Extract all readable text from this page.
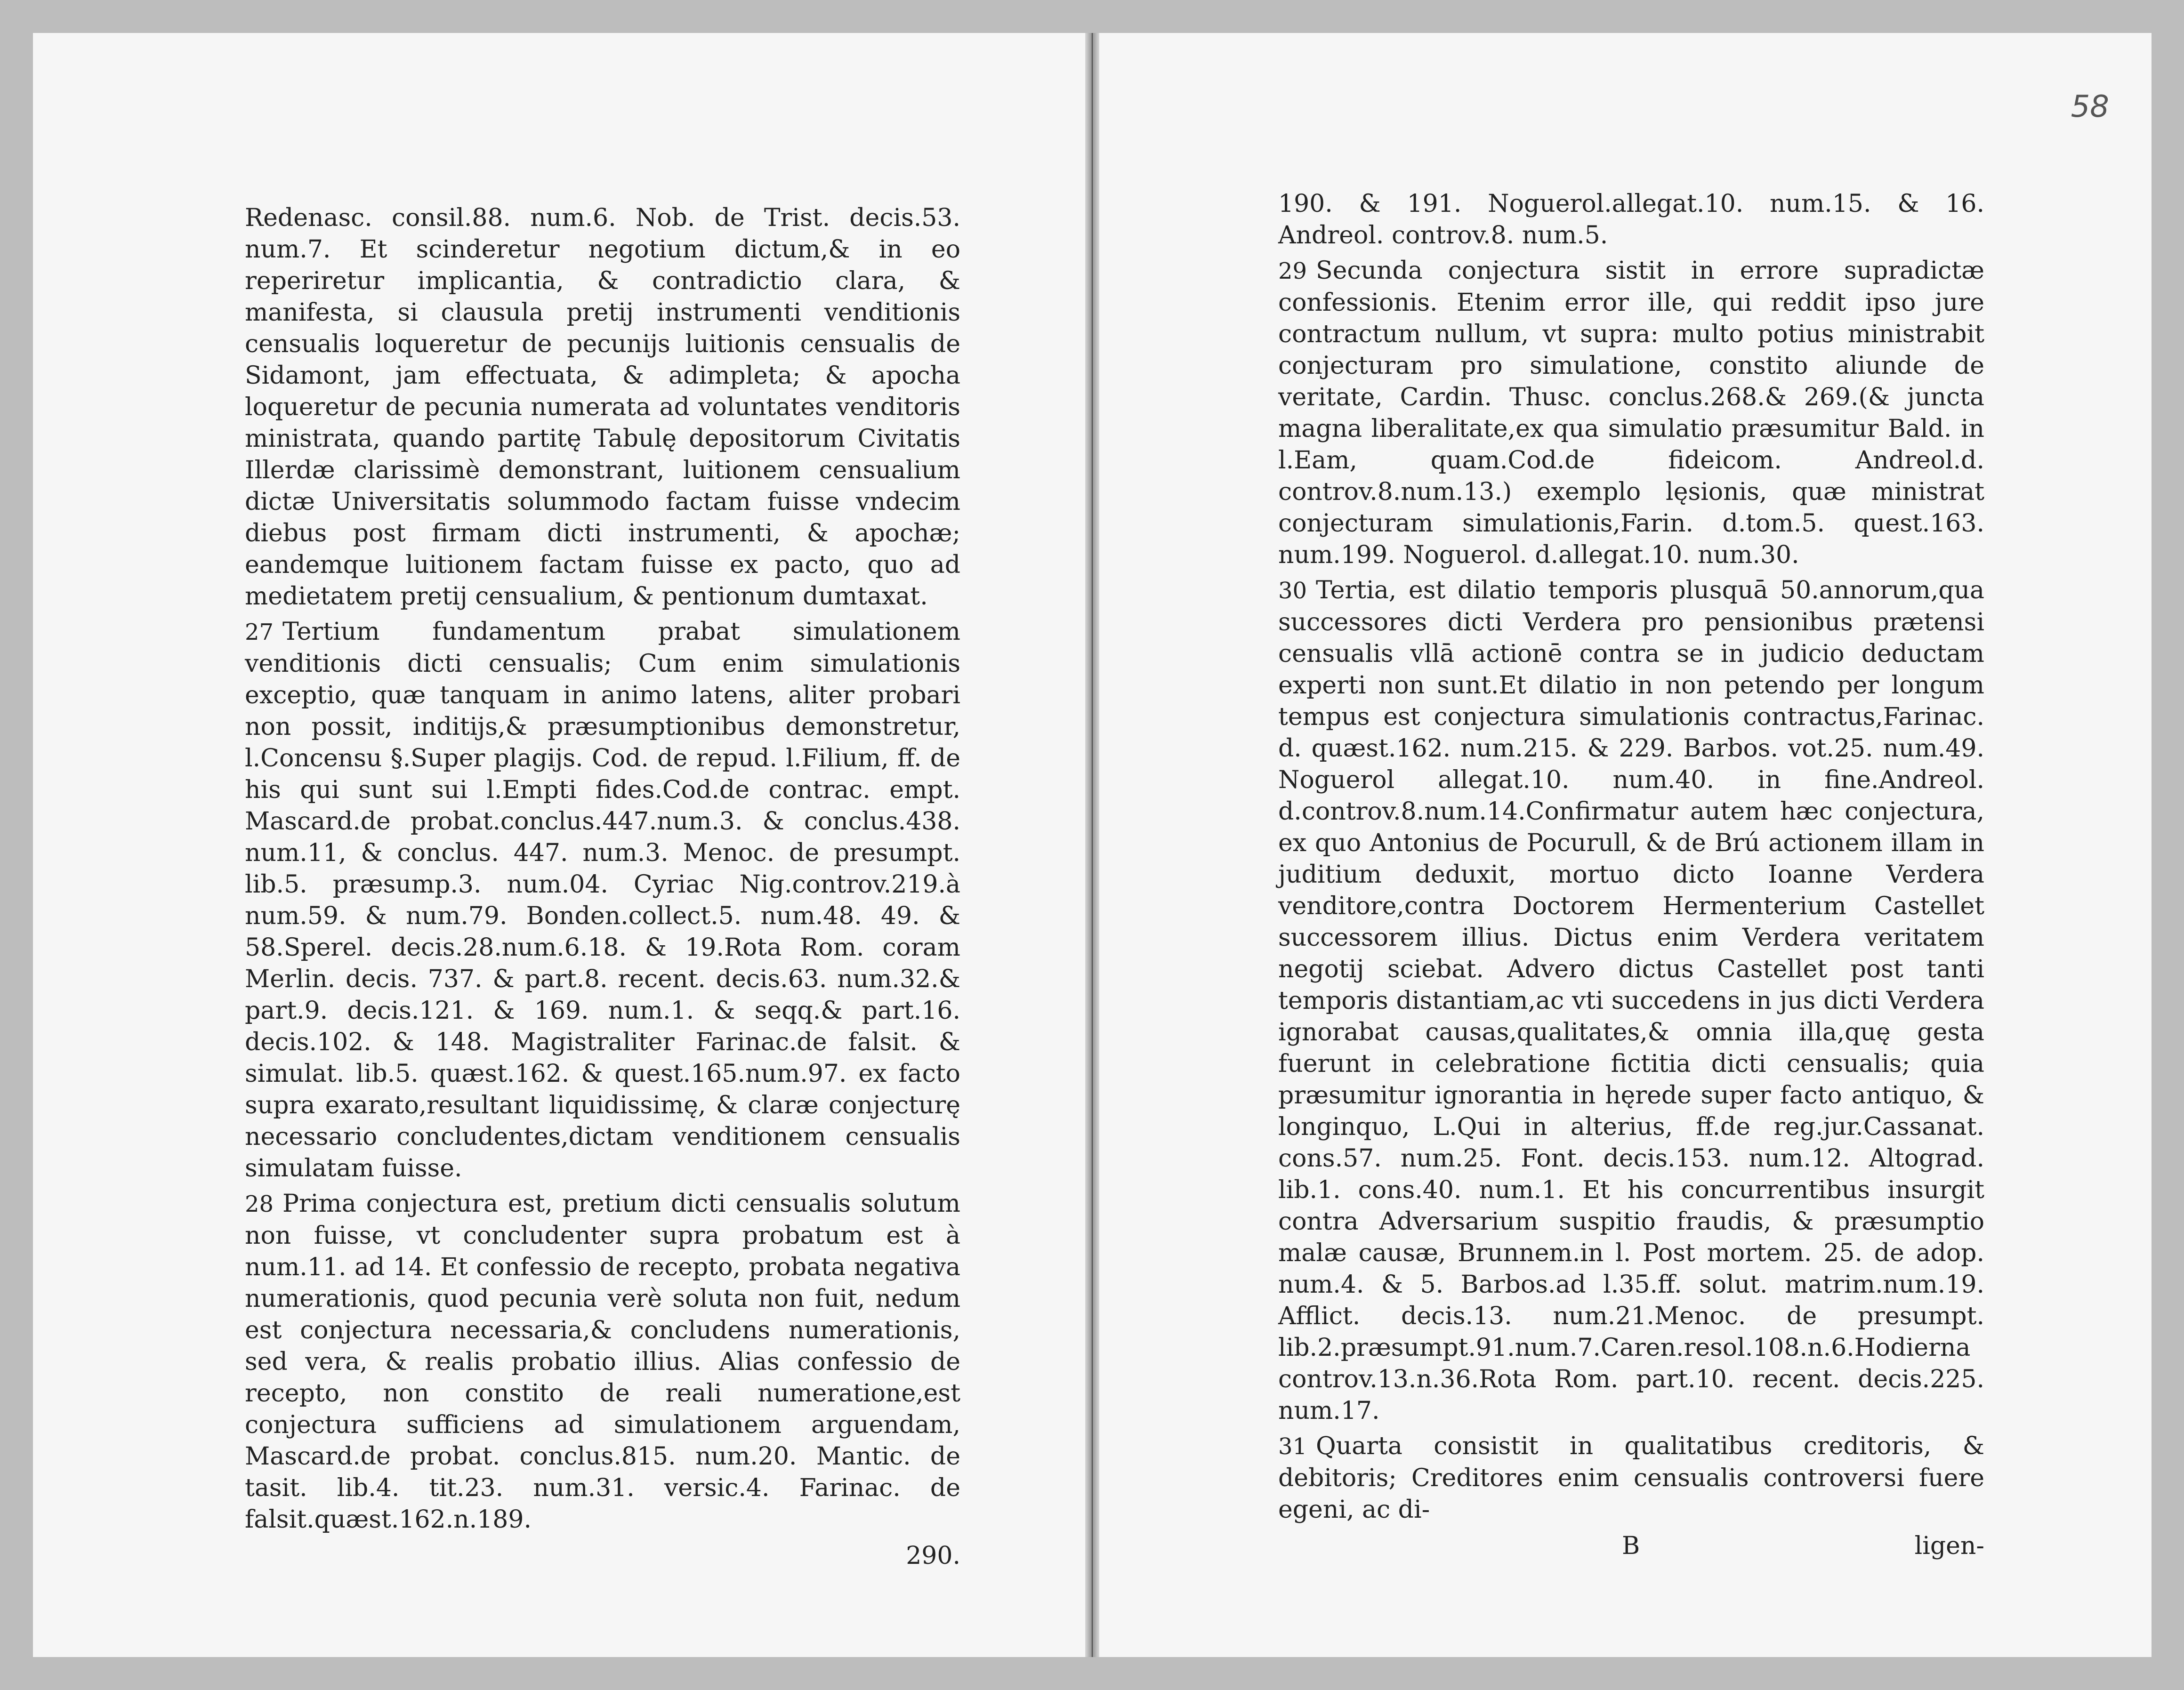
Redenasc. consil.88. num.6. Nob. de Trist. decis.53. num.7. Et scinderetur negotium dictum,& in eo reperiretur implicantia, & contradictio clara, & manifesta, si clausula pretij instrumenti venditionis censualis loqueretur de pecunijs luitionis censualis de Sidamont, jam effectuata, & adimpleta; & apocha loqueretur de pecunia numerata ad voluntates venditoris ministrata, quando partitę Tabulę depositorum Civitatis Illerdæ clarissimè demonstrant, luitionem censualium dictæ Universitatis solummodo factam fuisse vndecim diebus post firmam dicti instrumenti, & apochæ; eandemque luitionem factam fuisse ex pacto, quo ad medietatem pretij censualium, & pentionum dumtaxat.

27 Tertium fundamentum prabat simulationem venditionis dicti censualis; Cum enim simulationis exceptio, quæ tanquam in animo latens, aliter probari non possit, inditijs,& præsumptionibus demonstretur, l.Concensu §.Super plagijs. Cod. de repud. l.Filium, ff. de his qui sunt sui l.Empti fides.Cod.de contrac. empt. Mascard.de probat.conclus.447.num.3. & conclus.438. num.11, & conclus. 447. num.3. Menoc. de presumpt. lib.5. præsump.3. num.04. Cyriac Nig.controv.219.à num.59. & num.79. Bonden.collect.5. num.48. 49. & 58.Sperel. decis.28.num.6.18. & 19.Rota Rom. coram Merlin. decis. 737. & part.8. recent. decis.63. num.32.& part.9. decis.121. & 169. num.1. & seqq.& part.16. decis.102. & 148. Magistraliter Farinac.de falsit. & simulat. lib.5. quæst.162. & quest.165.num.97. ex facto supra exarato,resultant liquidissimę, & claræ conjecturę necessario concludentes,dictam venditionem censualis simulatam fuisse.

28 Prima conjectura est, pretium dicti censualis solutum non fuisse, vt concludenter supra probatum est à num.11. ad 14. Et confessio de recepto, probata negativa numerationis, quod pecunia verè soluta non fuit, nedum est conjectura necessaria,& concludens numerationis, sed vera, & realis probatio illius. Alias confessio de recepto, non constito de reali numeratione,est conjectura sufficiens ad simulationem arguendam, Mascard.de probat. conclus.815. num.20. Mantic. de tasit. lib.4. tit.23. num.31. versic.4. Farinac. de falsit.quæst.162.n.189.

290.
58

190. & 191. Noguerol.allegat.10. num.15. & 16. Andreol. controv.8. num.5.

29 Secunda conjectura sistit in errore supradictæ confessionis. Etenim error ille, qui reddit ipso jure contractum nullum, vt supra: multo potius ministrabit conjecturam pro simulatione, constito aliunde de veritate, Cardin. Thusc. conclus.268.& 269.(& juncta magna liberalitate,ex qua simulatio præsumitur Bald. in l.Eam, quam.Cod.de fideicom. Andreol.d. controv.8.num.13.) exemplo lęsionis, quæ ministrat conjecturam simulationis,Farin. d.tom.5. quest.163. num.199. Noguerol. d.allegat.10. num.30.

30 Tertia, est dilatio temporis plusquā 50.annorum,qua successores dicti Verdera pro pensionibus prætensi censualis vllā actionē contra se in judicio deductam experti non sunt.Et dilatio in non petendo per longum tempus est conjectura simulationis contractus,Farinac. d. quæst.162. num.215. & 229. Barbos. vot.25. num.49. Noguerol allegat.10. num.40. in fine.Andreol. d.controv.8.num.14.Confirmatur autem hæc conjectura, ex quo Antonius de Pocurull, & de Brú actionem illam in juditium deduxit, mortuo dicto Ioanne Verdera venditore,contra Doctorem Hermenterium Castellet successorem illius. Dictus enim Verdera veritatem negotij sciebat. Advero dictus Castellet post tanti temporis distantiam,ac vti succedens in jus dicti Verdera ignorabat causas,qualitates,& omnia illa,quę gesta fuerunt in celebratione fictitia dicti censualis; quia præsumitur ignorantia in hęrede super facto antiquo, & longinquo, L.Qui in alterius, ff.de reg.jur.Cassanat. cons.57. num.25. Font. decis.153. num.12. Altograd. lib.1. cons.40. num.1. Et his concurrentibus insurgit contra Adversarium suspitio fraudis, & præsumptio malæ causæ, Brunnem.in l. Post mortem. 25. de adop. num.4. & 5. Barbos.ad l.35.ff. solut. matrim.num.19. Afflict. decis.13. num.21.Menoc. de presumpt. lib.2.præsumpt.91.num.7.Caren.resol.108.n.6.Hodierna controv.13.n.36.Rota Rom. part.10. recent. decis.225. num.17.

31 Quarta consistit in qualitatibus creditoris, & debitoris; Creditores enim censualis controversi fuere egeni, ac di-

B	ligen-
